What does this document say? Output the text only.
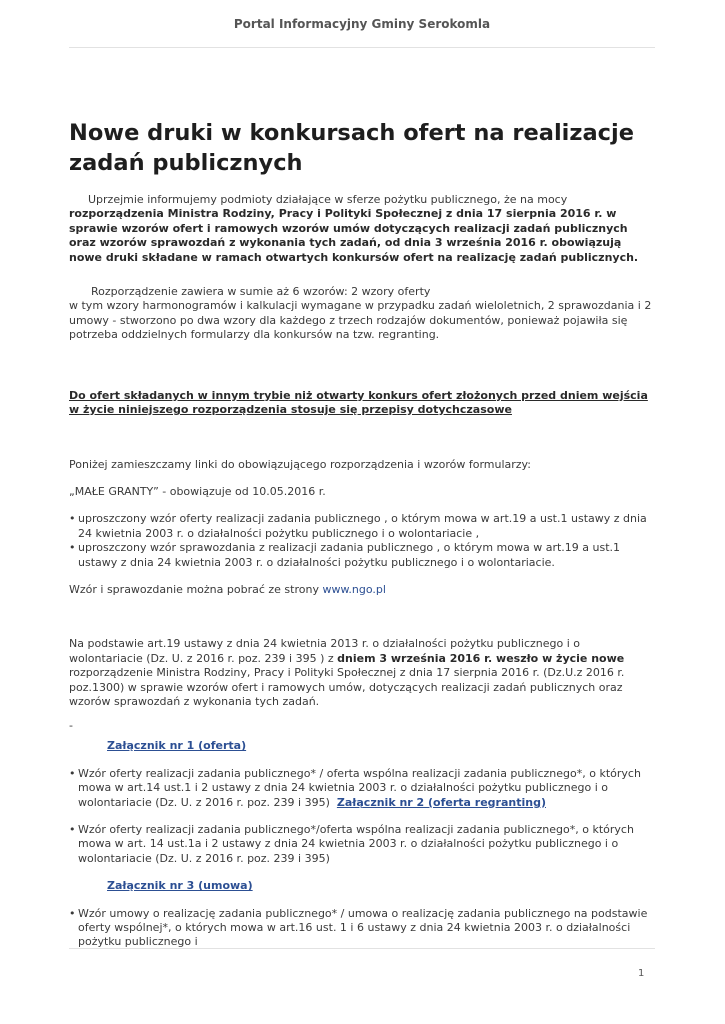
Portal Informacyjny Gminy Serokomla
Nowe druki w konkursach ofert na realizacje zadań publicznych

Uprzejmie informujemy podmioty działające w sferze pożytku publicznego, że na mocy rozporządzenia Ministra Rodziny, Pracy i Polityki Społecznej z dnia 17 sierpnia 2016 r. w sprawie wzorów ofert i ramowych wzorów umów dotyczących realizacji zadań publicznych oraz wzorów sprawozdań z wykonania tych zadań, od dnia 3 września 2016 r. obowiązują nowe druki składane w ramach otwartych konkursów ofert na realizację zadań publicznych.

Rozporządzenie zawiera w sumie aż 6 wzorów: 2 wzory oferty
w tym wzory harmonogramów i kalkulacji wymagane w przypadku zadań wieloletnich, 2 sprawozdania i 2 umowy - stworzono po dwa wzory dla każdego z trzech rodzajów dokumentów, ponieważ pojawiła się potrzeba oddzielnych formularzy dla konkursów na tzw. regranting.

Do ofert składanych w innym trybie niż otwarty konkurs ofert złożonych przed dniem wejścia w życie niniejszego rozporządzenia stosuje się przepisy dotychczasowe

Poniżej zamieszczamy linki do obowiązującego rozporządzenia i wzorów formularzy:

„MAŁE GRANTY” - obowiązuje od 10.05.2016 r.

• uproszczony wzór oferty realizacji zadania publicznego , o którym mowa w art.19 a ust.1 ustawy z dnia 24 kwietnia 2003 r. o działalności pożytku publicznego i o wolontariacie ,
• uproszczony wzór sprawozdania z realizacji zadania publicznego , o którym mowa w art.19 a ust.1 ustawy z dnia 24 kwietnia 2003 r. o działalności pożytku publicznego i o wolontariacie.

Wzór i sprawozdanie można pobrać ze strony www.ngo.pl

Na podstawie art.19 ustawy z dnia 24 kwietnia 2013 r. o działalności pożytku publicznego i o wolontariacie (Dz. U. z 2016 r. poz. 239 i 395 ) z dniem 3 września 2016 r. weszło w życie nowe rozporządzenie Ministra Rodziny, Pracy i Polityki Społecznej z dnia 17 sierpnia 2016 r. (Dz.U.z 2016 r. poz.1300) w sprawie wzorów ofert i ramowych umów, dotyczących realizacji zadań publicznych oraz wzorów sprawozdań z wykonania tych zadań.

-

Załącznik nr 1 (oferta)

• Wzór oferty realizacji zadania publicznego* / oferta wspólna realizacji zadania publicznego*, o których mowa w art.14 ust.1 i 2 ustawy z dnia 24 kwietnia 2003 r. o działalności pożytku publicznego i o wolontariacie (Dz. U. z 2016 r. poz. 239 i 395) Załącznik nr 2 (oferta regranting)
• Wzór oferty realizacji zadania publicznego*/oferta wspólna realizacji zadania publicznego*, o których mowa w art. 14 ust.1a i 2 ustawy z dnia 24 kwietnia 2003 r. o działalności pożytku publicznego i o wolontariacie (Dz. U. z 2016 r. poz. 239 i 395)

Załącznik nr 3 (umowa)

• Wzór umowy o realizację zadania publicznego* / umowa o realizację zadania publicznego na podstawie oferty wspólnej*, o których mowa w art.16 ust. 1 i 6 ustawy z dnia 24 kwietnia 2003 r. o działalności pożytku publicznego i
1
